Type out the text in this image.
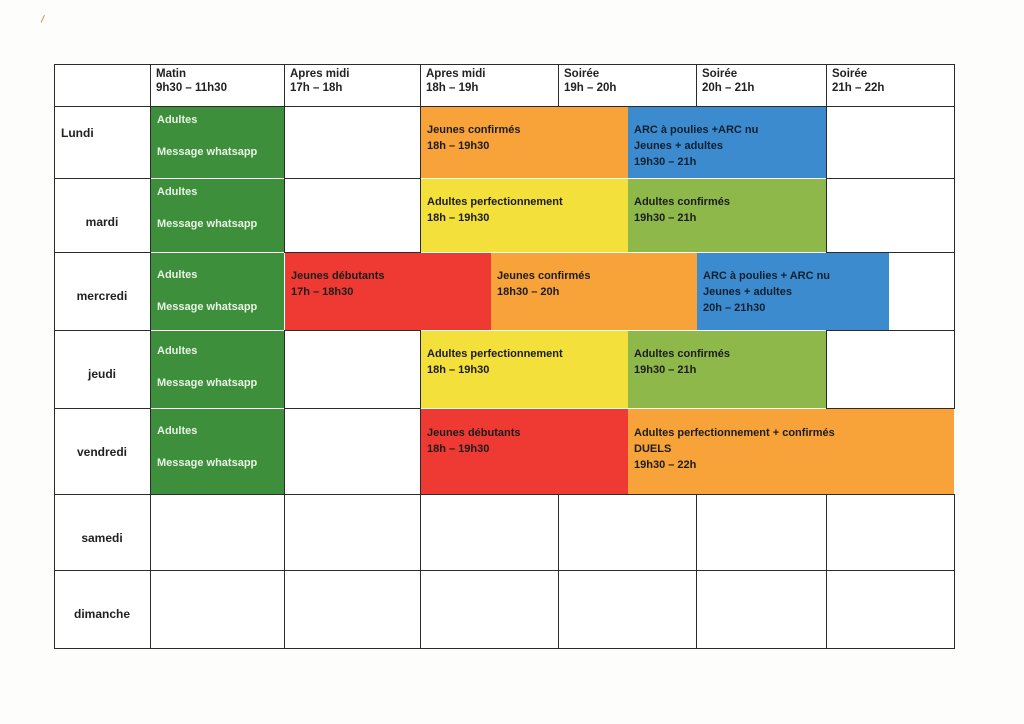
Matin
9h30 – 11h30
Apres midi
17h – 18h
Apres midi
18h – 19h
Soirée
19h – 20h
Soirée
20h – 21h
Soirée
21h – 22h
Lundi
mardi
mercredi
jeudi
vendredi
samedi
dimanche
Adultes
Message whatsapp
Adultes
Message whatsapp
Adultes
Message whatsapp
Adultes
Message whatsapp
Adultes
Message whatsapp
Jeunes confirmés
18h – 19h30
ARC à poulies +ARC nu
Jeunes + adultes
19h30 – 21h
Adultes perfectionnement
18h – 19h30
Adultes confirmés
19h30 – 21h
Jeunes débutants
17h – 18h30
Jeunes confirmés
18h30 – 20h
ARC à poulies + ARC nu
Jeunes + adultes
20h – 21h30
Adultes perfectionnement
18h – 19h30
Adultes confirmés
19h30 – 21h
Jeunes débutants
18h – 19h30
Adultes perfectionnement + confirmés
DUELS
19h30 – 22h
